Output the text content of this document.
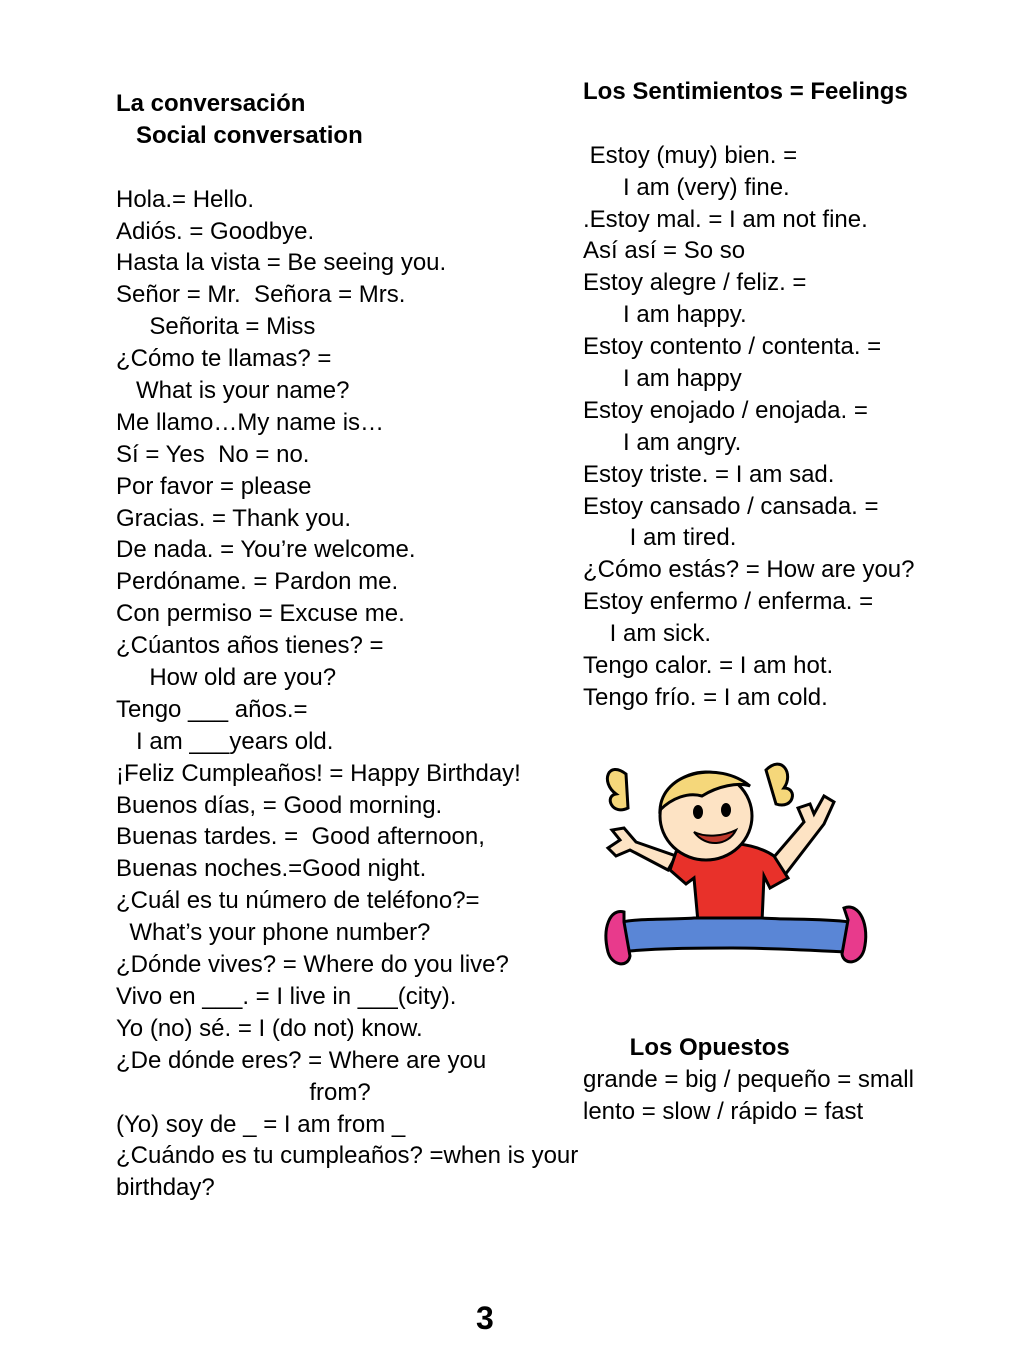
La conversación
Social conversation
Hola.= Hello.
Adiós. = Goodbye.
Hasta la vista = Be seeing you.
Señor = Mr.  Señora = Mrs.
Señorita = Miss
¿Cómo te llamas? =
What is your name?
Me llamo…My name is…
Sí = Yes  No = no.
Por favor = please
Gracias. = Thank you.
De nada. = You’re welcome.
Perdóname. = Pardon me.
Con permiso = Excuse me.
¿Cúantos años tienes? =
How old are you?
Tengo ___ años.=
I am ___years old.
¡Feliz Cumpleaños! = Happy Birthday!
Buenos días, = Good morning.
Buenas tardes. =  Good afternoon,
Buenas noches.=Good night.
¿Cuál es tu número de teléfono?=
What’s your phone number?
¿Dónde vives? = Where do you live?
Vivo en ___. = I live in ___(city).
Yo (no) sé. = I (do not) know.
¿De dónde eres? = Where are you
from?
(Yo) soy de _ = I am from _
¿Cuándo es tu cumpleaños? =when is your
birthday?
Los Sentimientos = Feelings
Estoy (muy) bien. =
I am (very) fine.
.Estoy mal. = I am not fine.
Así así = So so
Estoy alegre / feliz. =
I am happy.
Estoy contento / contenta. =
I am happy
Estoy enojado / enojada. =
I am angry.
Estoy triste. = I am sad.
Estoy cansado / cansada. =
I am tired.
¿Cómo estás? = How are you?
Estoy enfermo / enferma. =
I am sick.
Tengo calor. = I am hot.
Tengo frío. = I am cold.
Los Opuestos
grande = big / pequeño = small
lento = slow / rápido = fast
3
